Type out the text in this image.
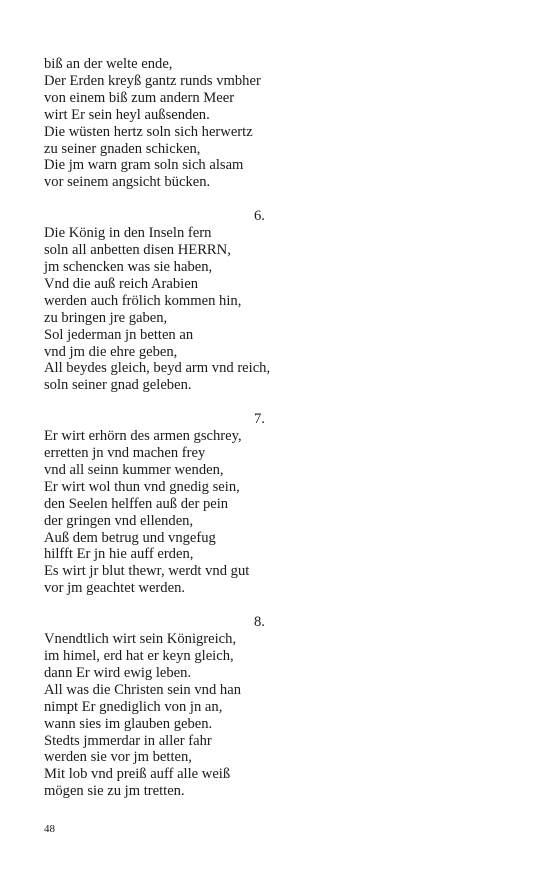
biß an der welte ende,
Der Erden kreyß gantz runds vmbher
von einem biß zum andern Meer
wirt Er sein heyl außsenden.
Die wüsten hertz soln sich herwertz
zu seiner gnaden schicken,
Die jm warn gram soln sich alsam
vor seinem angsicht bücken.
6.
Die König in den Inseln fern
soln all anbetten disen HERRN,
jm schencken was sie haben,
Vnd die auß reich Arabien
werden auch frölich kommen hin,
zu bringen jre gaben,
Sol jederman jn betten an
vnd jm die ehre geben,
All beydes gleich, beyd arm vnd reich,
soln seiner gnad geleben.
7.
Er wirt erhörn des armen gschrey,
erretten jn vnd machen frey
vnd all seinn kummer wenden,
Er wirt wol thun vnd gnedig sein,
den Seelen helffen auß der pein
der gringen vnd ellenden,
Auß dem betrug und vngefug
hilfft Er jn hie auff erden,
Es wirt jr blut thewr, werdt vnd gut
vor jm geachtet werden.
8.
Vnendtlich wirt sein Königreich,
im himel, erd hat er keyn gleich,
dann Er wird ewig leben.
All was die Christen sein vnd han
nimpt Er gnediglich von jn an,
wann sies im glauben geben.
Stedts jmmerdar in aller fahr
werden sie vor jm betten,
Mit lob vnd preiß auff alle weiß
mögen sie zu jm tretten.
48
